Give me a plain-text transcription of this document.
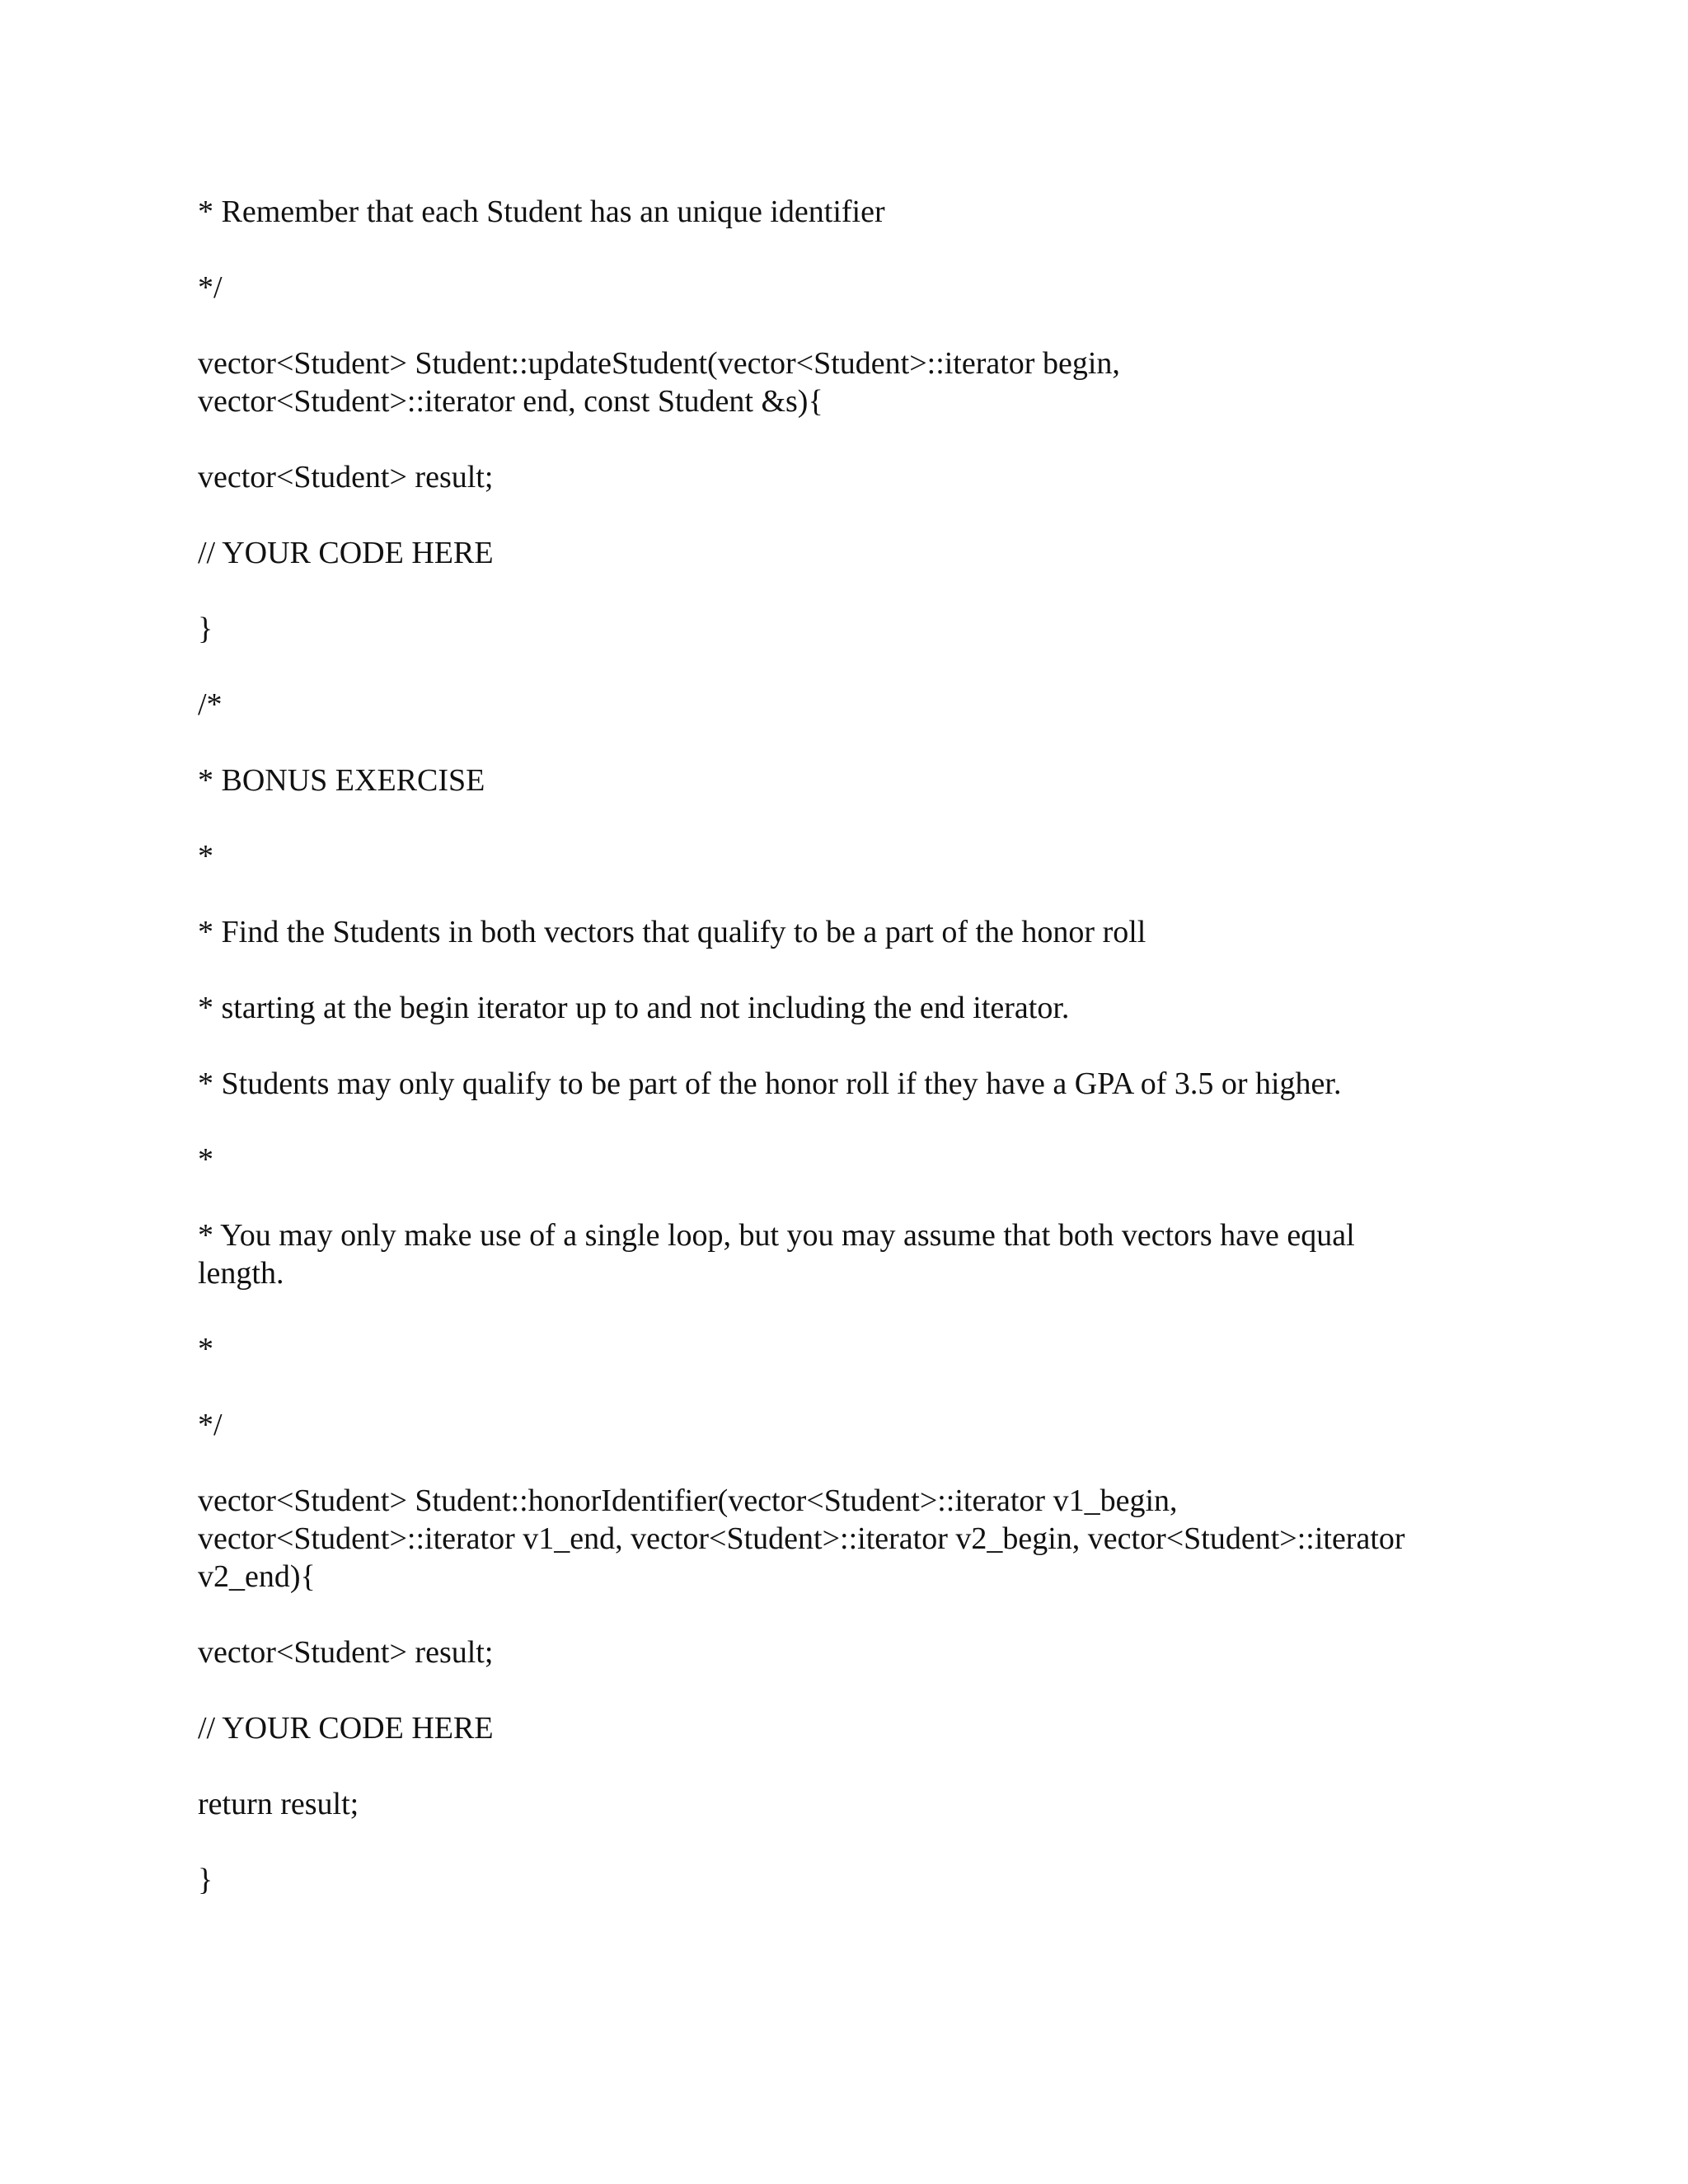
* Remember that each Student has an unique identifier

*/

vector<Student> Student::updateStudent(vector<Student>::iterator begin,
vector<Student>::iterator end, const Student &s){

vector<Student> result;

// YOUR CODE HERE

}

/*

* BONUS EXERCISE

*

* Find the Students in both vectors that qualify to be a part of the honor roll

* starting at the begin iterator up to and not including the end iterator.

* Students may only qualify to be part of the honor roll if they have a GPA of 3.5 or higher.

*

* You may only make use of a single loop, but you may assume that both vectors have equal
length.

*

*/

vector<Student> Student::honorIdentifier(vector<Student>::iterator v1_begin,
vector<Student>::iterator v1_end, vector<Student>::iterator v2_begin, vector<Student>::iterator
v2_end){

vector<Student> result;

// YOUR CODE HERE

return result;

}
